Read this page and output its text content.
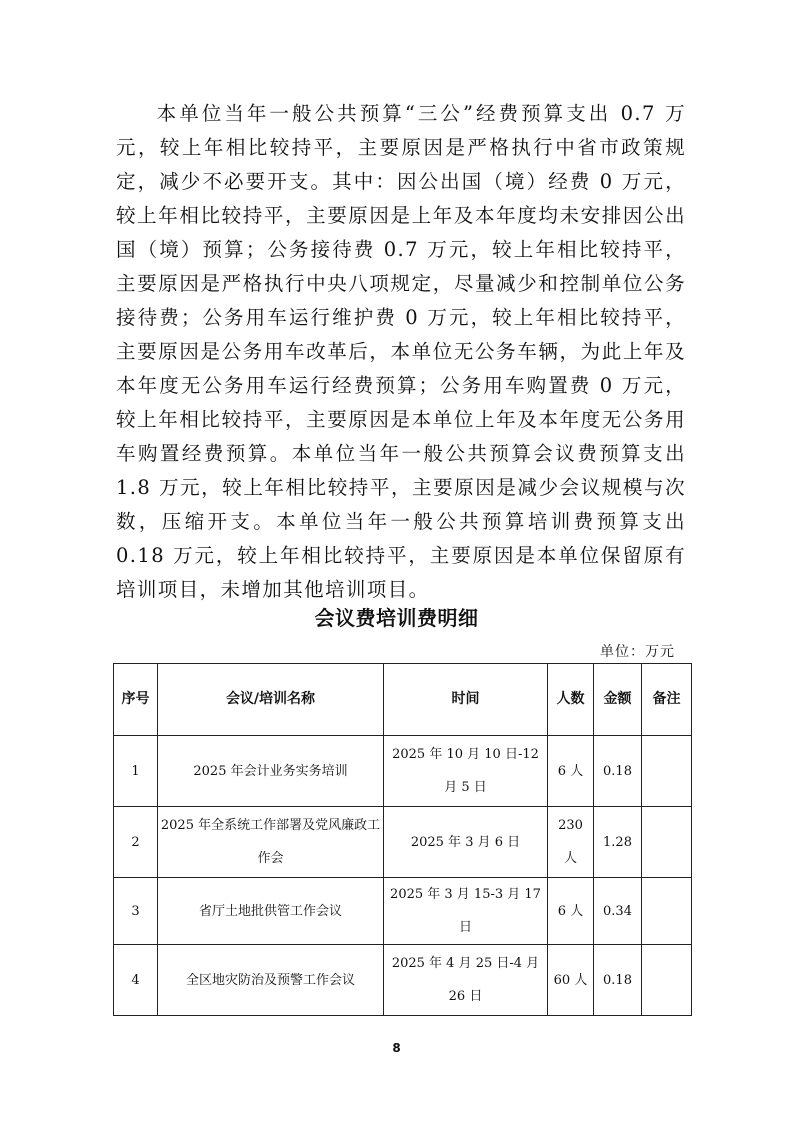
本单位当年一般公共预算“三公”经费预算支出 0.7 万元，较上年相比较持平，主要原因是严格执行中省市政策规定，减少不必要开支。其中：因公出国（境）经费 0 万元，较上年相比较持平，主要原因是上年及本年度均未安排因公出国（境）预算；公务接待费 0.7 万元，较上年相比较持平，主要原因是严格执行中央八项规定，尽量减少和控制单位公务接待费；公务用车运行维护费 0 万元，较上年相比较持平，主要原因是公务用车改革后，本单位无公务车辆，为此上年及本年度无公务用车运行经费预算；公务用车购置费 0 万元，较上年相比较持平，主要原因是本单位上年及本年度无公务用车购置经费预算。本单位当年一般公共预算会议费预算支出 1.8 万元，较上年相比较持平，主要原因是减少会议规模与次数，压缩开支。本单位当年一般公共预算培训费预算支出 0.18 万元，较上年相比较持平，主要原因是本单位保留原有培训项目，未增加其他培训项目。

会议费培训费明细
单位：万元
序号	会议/培训名称	时间	人数	金额	备注
1	2025 年会计业务实务培训	2025 年 10 月 10 日-12 月 5 日	6 人	0.18	
2	2025 年全系统工作部署及党风廉政工作会	2025 年 3 月 6 日	230 人	1.28	
3	省厅土地批供管工作会议	2025 年 3 月 15-3 月 17 日	6 人	0.34	
4	全区地灾防治及预警工作会议	2025 年 4 月 25 日-4 月 26 日	60 人	0.18	
8
